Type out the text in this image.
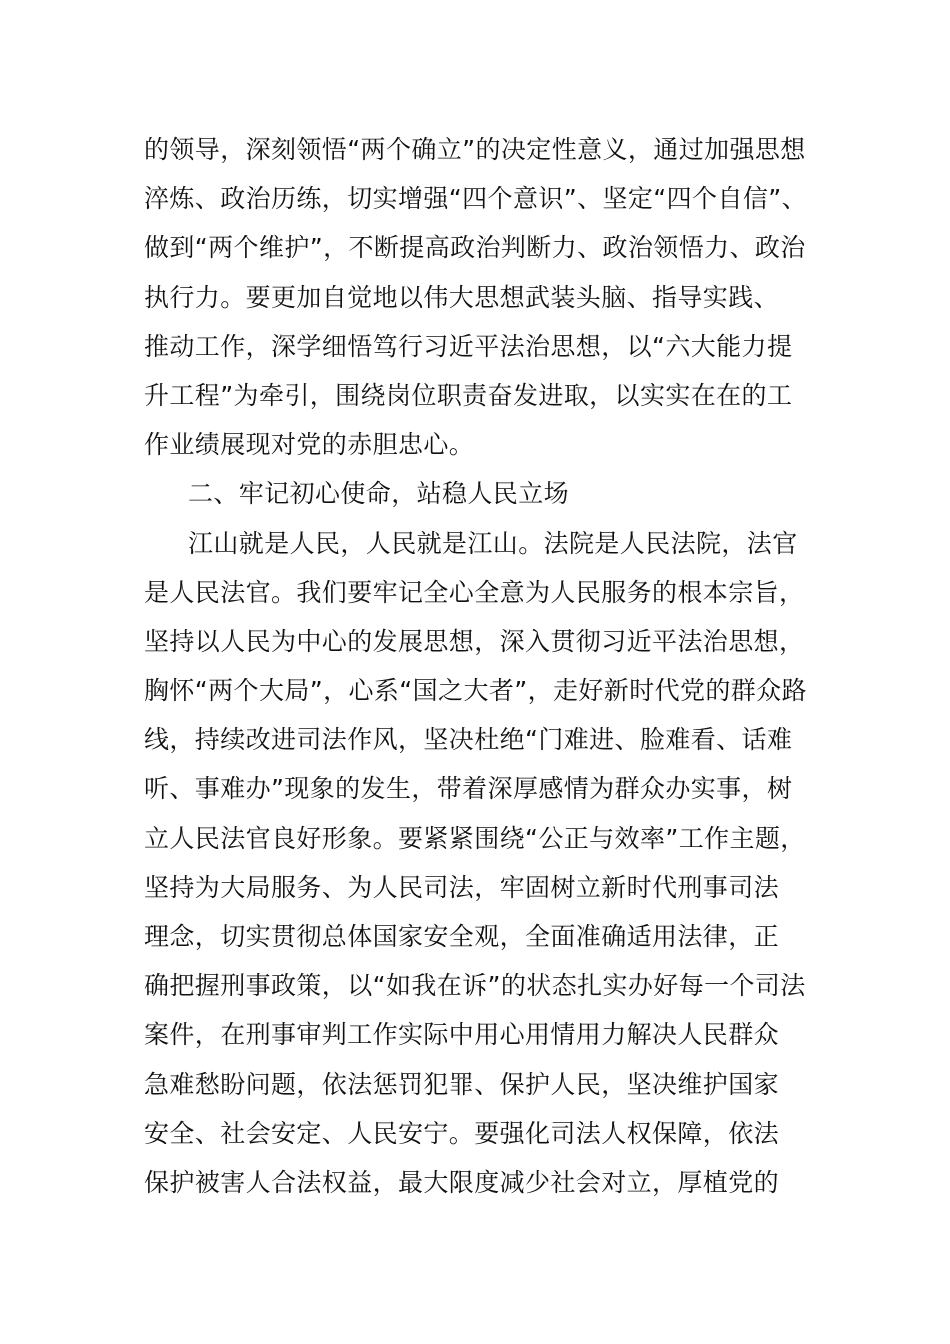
的领导，深刻领悟“两个确立”的决定性意义，通过加强思想
淬炼、政治历练，切实增强“四个意识”、坚定“四个自信”、
做到“两个维护”，不断提高政治判断力、政治领悟力、政治
执行力。要更加自觉地以伟大思想武装头脑、指导实践、
推动工作，深学细悟笃行习近平法治思想，以“六大能力提
升工程”为牵引，围绕岗位职责奋发进取，以实实在在的工
作业绩展现对党的赤胆忠心。
二、牢记初心使命，站稳人民立场
江山就是人民，人民就是江山。法院是人民法院，法官
是人民法官。我们要牢记全心全意为人民服务的根本宗旨，
坚持以人民为中心的发展思想，深入贯彻习近平法治思想，
胸怀“两个大局”，心系“国之大者”，走好新时代党的群众路
线，持续改进司法作风，坚决杜绝“门难进、脸难看、话难
听、事难办”现象的发生，带着深厚感情为群众办实事，树
立人民法官良好形象。要紧紧围绕“公正与效率”工作主题，
坚持为大局服务、为人民司法，牢固树立新时代刑事司法
理念，切实贯彻总体国家安全观，全面准确适用法律，正
确把握刑事政策，以“如我在诉”的状态扎实办好每一个司法
案件，在刑事审判工作实际中用心用情用力解决人民群众
急难愁盼问题，依法惩罚犯罪、保护人民，坚决维护国家
安全、社会安定、人民安宁。要强化司法人权保障，依法
保护被害人合法权益，最大限度减少社会对立，厚植党的
